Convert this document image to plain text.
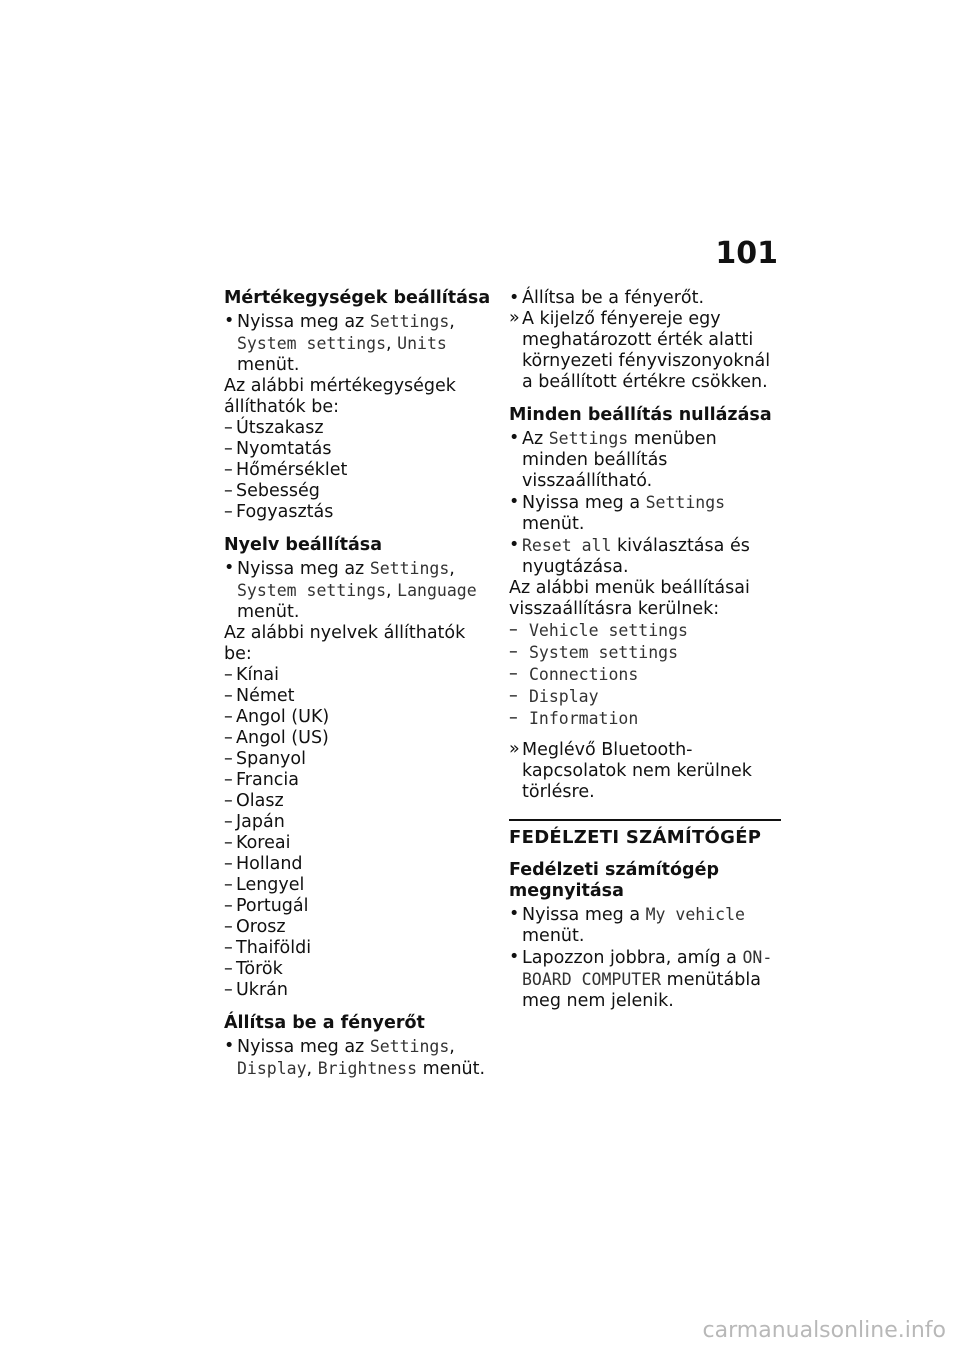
101
Mértékegységek beállítása
• Nyissa meg az Settings, System settings, Units menüt.
Az alábbi mértékegységek állíthatók be:
– Útszakasz
– Nyomtatás
– Hőmérséklet
– Sebesség
– Fogyasztás
Nyelv beállítása
• Nyissa meg az Settings, System settings, Language menüt.
Az alábbi nyelvek állíthatók be:
– Kínai
– Német
– Angol (UK)
– Angol (US)
– Spanyol
– Francia
– Olasz
– Japán
– Koreai
– Holland
– Lengyel
– Portugál
– Orosz
– Thaiföldi
– Török
– Ukrán
Állítsa be a fényerőt
• Nyissa meg az Settings, Display, Brightness menüt.
• Állítsa be a fényerőt.
» A kijelző fényereje egy meghatározott érték alatti környezeti fényviszonyoknál a beállított értékre csökken.
Minden beállítás nullázása
• Az Settings menüben minden beállítás visszaállítható.
• Nyissa meg a Settings menüt.
• Reset all kiválasztása és nyugtázása.
Az alábbi menük beállításai visszaállításra kerülnek:
– Vehicle settings
– System settings
– Connections
– Display
– Information
» Meglévő Bluetooth-kapcsolatok nem kerülnek törlésre.
FEDÉLZETI SZÁMÍTÓGÉP
Fedélzeti számítógép megnyitása
• Nyissa meg a My vehicle menüt.
• Lapozzon jobbra, amíg a ON-BOARD COMPUTER menütábla meg nem jelenik.
carmanualsonline.info
